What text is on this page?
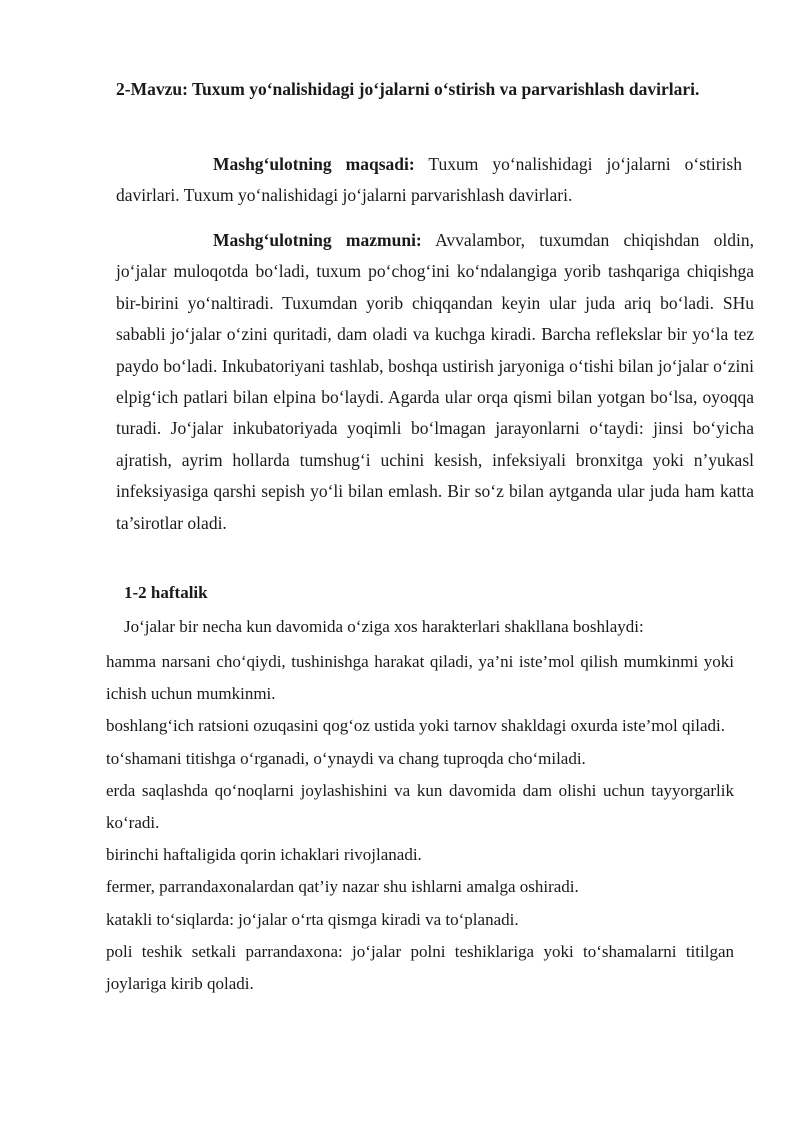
2-Mavzu: Tuxum yo‘nalishidagi jo‘jalarni o‘stirish va parvarishlash davirlari.

Mashg‘ulotning maqsadi: Tuxum yo‘nalishidagi jo‘jalarni o‘stirish davirlari. Tuxum yo‘nalishidagi jo‘jalarni parvarishlash davirlari.

Mashg‘ulotning mazmuni: Avvalambor, tuxumdan chiqishdan oldin, jo‘jalar muloqotda bo‘ladi, tuxum po‘chog‘ini ko‘ndalangiga yorib tashqariga chiqishga bir-birini yo‘naltiradi. Tuxumdan yorib chiqqandan keyin ular juda ariq bo‘ladi. SHu sababli jo‘jalar o‘zini quritadi, dam oladi va kuchga kiradi. Barcha reflekslar bir yo‘la tez paydo bo‘ladi. Inkubatoriyani tashlab, boshqa ustirish jaryoniga o‘tishi bilan jo‘jalar o‘zini elpig‘ich patlari bilan elpina bo‘laydi. Agarda ular orqa qismi bilan yotgan bo‘lsa, oyoqqa turadi. Jo‘jalar inkubatoriyada yoqimli bo‘lmagan jarayonlarni o‘taydi: jinsi bo‘yicha ajratish, ayrim hollarda tumshug‘i uchini kesish, infeksiyali bronxitga yoki n’yukasl infeksiyasiga qarshi sepish yo‘li bilan emlash. Bir so‘z bilan aytganda ular juda ham katta ta’sirotlar oladi.

1-2 haftalik

Jo‘jalar bir necha kun davomida o‘ziga xos harakterlari shakllana boshlaydi:

hamma narsani cho‘qiydi, tushinishga harakat qiladi, ya’ni iste’mol qilish mumkinmi yoki ichish uchun mumkinmi.
boshlang‘ich ratsioni ozuqasini qog‘oz ustida yoki tarnov shakldagi oxurda iste’mol qiladi.
to‘shamani titishga o‘rganadi, o‘ynaydi va chang tuproqda cho‘miladi.
erda saqlashda qo‘noqlarni joylashishini va kun davomida dam olishi uchun tayyorgarlik ko‘radi.
birinchi haftaligida qorin ichaklari rivojlanadi.
fermer, parrandaxonalardan qat’iy nazar shu ishlarni amalga oshiradi.
katakli to‘siqlarda: jo‘jalar o‘rta qismga kiradi va to‘planadi.
poli teshik setkali parrandaxona: jo‘jalar polni teshiklariga yoki to‘shamalarni titilgan joylariga kirib qoladi.
